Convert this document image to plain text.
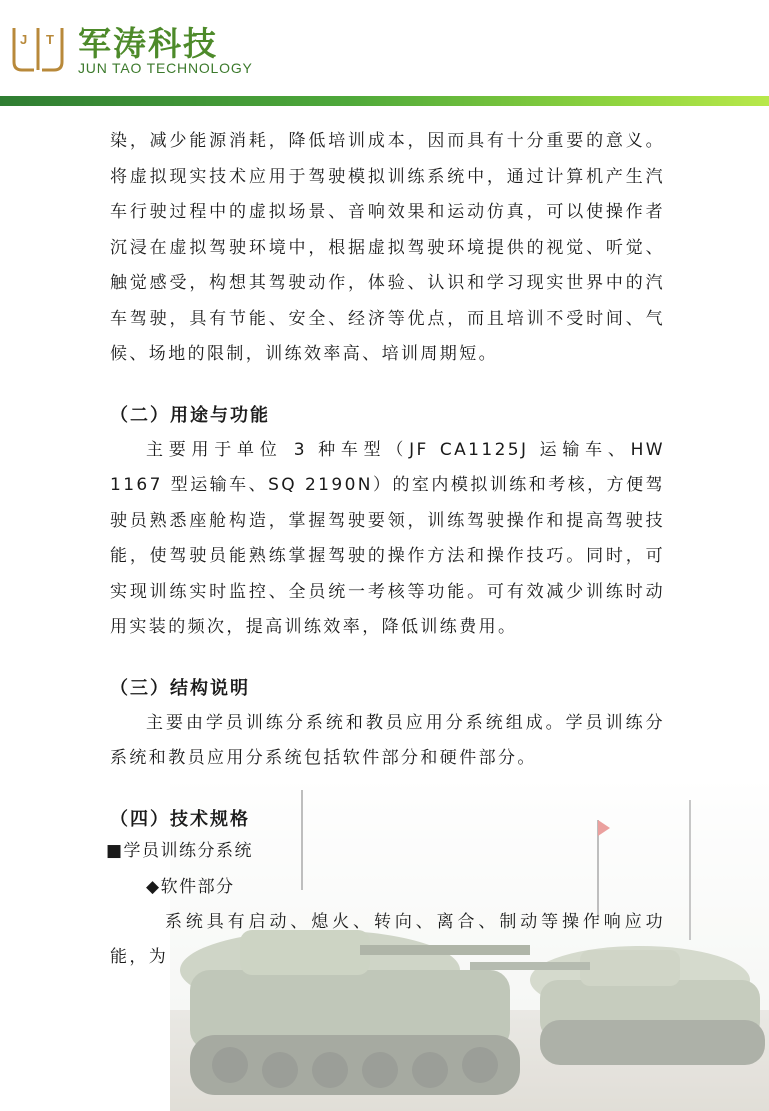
J T 军涛科技
JUN TAO TECHNOLOGY

染，减少能源消耗，降低培训成本，因而具有十分重要的意义。将虚拟现实技术应用于驾驶模拟训练系统中，通过计算机产生汽车行驶过程中的虚拟场景、音响效果和运动仿真，可以使操作者沉浸在虚拟驾驶环境中，根据虚拟驾驶环境提供的视觉、听觉、触觉感受，构想其驾驶动作，体验、认识和学习现实世界中的汽车驾驶，具有节能、安全、经济等优点，而且培训不受时间、气候、场地的限制，训练效率高、培训周期短。

（二）用途与功能

主要用于单位 3 种车型（JF CA1125J 运输车、HW 1167 型运输车、SQ 2190N）的室内模拟训练和考核，方便驾驶员熟悉座舱构造，掌握驾驶要领，训练驾驶操作和提高驾驶技能，使驾驶员能熟练掌握驾驶的操作方法和操作技巧。同时，可实现训练实时监控、全员统一考核等功能。可有效减少训练时动用实装的频次，提高训练效率，降低训练费用。

（三）结构说明

主要由学员训练分系统和教员应用分系统组成。学员训练分系统和教员应用分系统包括软件部分和硬件部分。

（四）技术规格

■学员训练分系统

◆软件部分

系统具有启动、熄火、转向、离合、制动等操作响应功能，为
